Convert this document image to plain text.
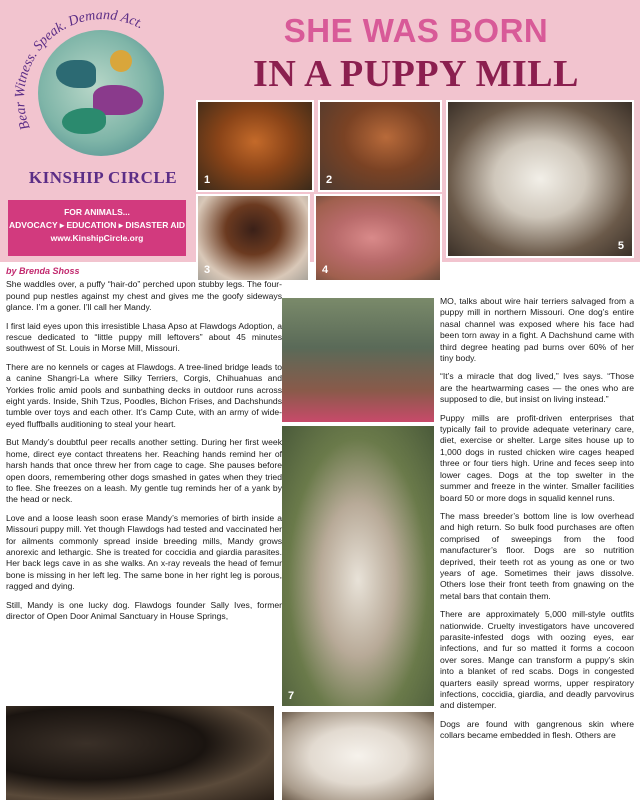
Bear Witness. Speak. Demand Act.
KINSHIP CIRCLE
FOR ANIMALS...
ADVOCACY ▸ EDUCATION ▸ DISASTER AID
www.KinshipCircle.org
SHE WAS BORN
IN A PUPPY MILL
1	2
5
3	4
by Brenda Shoss

She waddles over, a puffy “hair-do” perched upon stubby legs. The four-pound pup nestles against my chest and gives me the goofy sideways glance. I’m a goner. I’ll call her Mandy.

I first laid eyes upon this irresistible Lhasa Apso at Flawdogs Adoption, a rescue dedicated to “little puppy mill leftovers” about 45 minutes southwest of St. Louis in Morse Mill, Missouri.

There are no kennels or cages at Flawdogs. A tree-lined bridge leads to a canine Shangri-La where Silky Terriers, Corgis, Chihuahuas and Yorkies frolic amid pools and sunbathing decks in outdoor runs across eight yards. Inside, Shih Tzus, Poodles, Bichon Frises, and Dachshunds tumble over toys and each other. It’s Camp Cute, with an army of wide-eyed fluffballs auditioning to steal your heart.

But Mandy’s doubtful peer recalls another setting. During her first week home, direct eye contact threatens her. Reaching hands remind her of harsh hands that once threw her from cage to cage. She pauses before open doors, remembering other dogs smashed in gates when they tried to flee. She freezes on a leash. My gentle tug reminds her of a yank by the head or neck.

Love and a loose leash soon erase Mandy’s memories of birth inside a Missouri puppy mill. Yet though Flawdogs had tested and vaccinated her for ailments commonly spread inside breeding mills, Mandy grows anorexic and lethargic. She is treated for coccidia and giardia parasites. Her back legs cave in as she walks. An x-ray reveals the head of femur bone is missing in her left leg. The same bone in her right leg is porous, ragged and dying.

Still, Mandy is one lucky dog. Flawdogs founder Sally Ives, former director of Open Door Animal Sanctuary in House Springs,

7

MO, talks about wire hair terriers salvaged from a puppy mill in northern Missouri. One dog’s entire nasal channel was exposed where his face had been torn away in a fight. A Dachshund came with third degree heating pad burns over 60% of her tiny body.

“It’s a miracle that dog lived,” Ives says. “Those are the heartwarming cases — the ones who are supposed to die, but insist on living instead.”

Puppy mills are profit-driven enterprises that typically fail to provide adequate veterinary care, diet, exercise or shelter. Large sites house up to 1,000 dogs in rusted chicken wire cages heaped three or four tiers high. Urine and feces seep into lower cages. Dogs at the top swelter in the summer and freeze in the winter. Smaller facilities board 50 or more dogs in squalid kennel runs.

The mass breeder’s bottom line is low overhead and high return. So bulk food purchases are often comprised of sweepings from the food manufacturer’s floor. Dogs are so nutrition deprived, their teeth rot as young as one or two years of age. Sometimes their jaws dissolve. Others lose their front teeth from gnawing on the metal bars that contain them.

There are approximately 5,000 mill-style outfits nationwide. Cruelty investigators have uncovered parasite-infested dogs with oozing eyes, ear infections, and fur so matted it forms a cocoon over sores. Mange can transform a puppy’s skin into a blanket of red scabs. Dogs in congested quarters easily spread worms, upper respiratory infections, coccidia, giardia, and deadly parvovirus and distemper.

Dogs are found with gangrenous skin where collars became embedded in flesh. Others are
